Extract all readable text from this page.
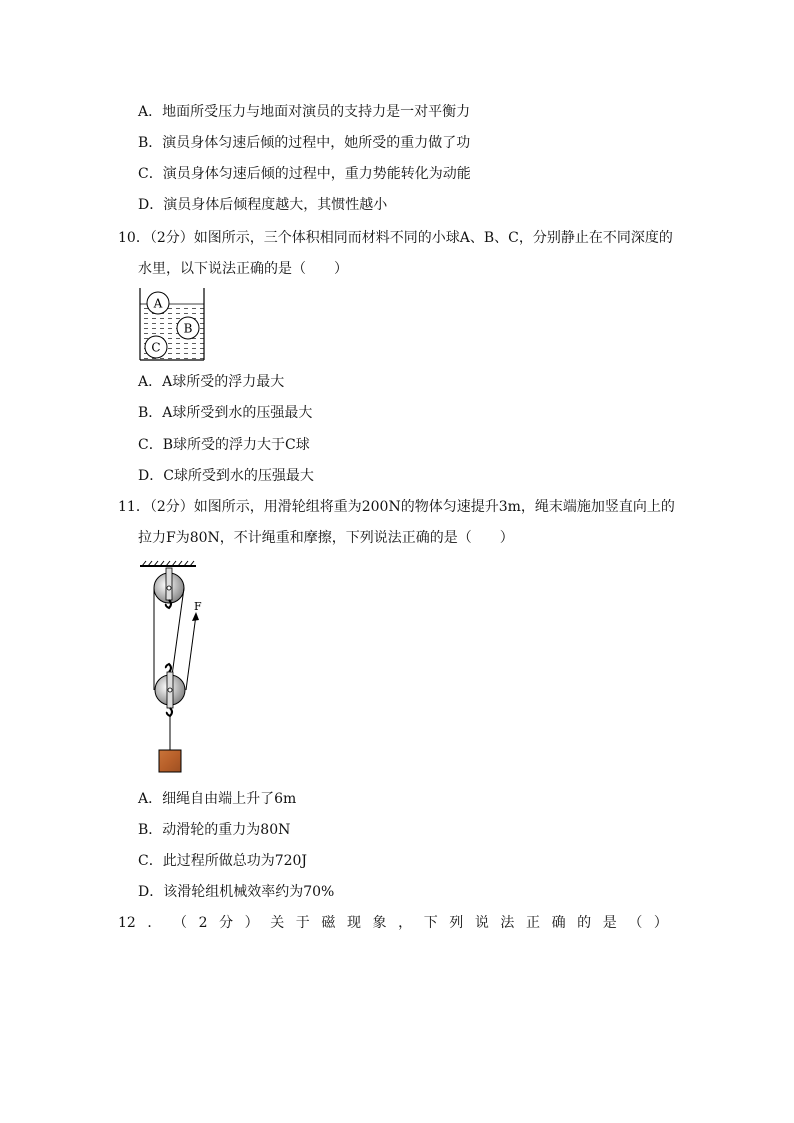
A．地面所受压力与地面对演员的支持力是一对平衡力
B．演员身体匀速后倾的过程中，她所受的重力做了功
C．演员身体匀速后倾的过程中，重力势能转化为动能
D．演员身体后倾程度越大，其惯性越小
10．（2分）如图所示，三个体积相同而材料不同的小球A、B、C，分别静止在不同深度的
水里，以下说法正确的是（　　）
A
B
C
A．A球所受的浮力最大
B．A球所受到水的压强最大
C．B球所受的浮力大于C球
D．C球所受到水的压强最大
11．（2分）如图所示，用滑轮组将重为200N的物体匀速提升3m，绳末端施加竖直向上的
拉力F为80N，不计绳重和摩擦，下列说法正确的是（　　）
F
A．细绳自由端上升了6m
B．动滑轮的重力为80N
C．此过程所做总功为720J
D．该滑轮组机械效率约为70%
12 ． （ 2 分 ） 关 于 磁 现 象 ， 下 列 说 法 正 确 的 是 （ ）
